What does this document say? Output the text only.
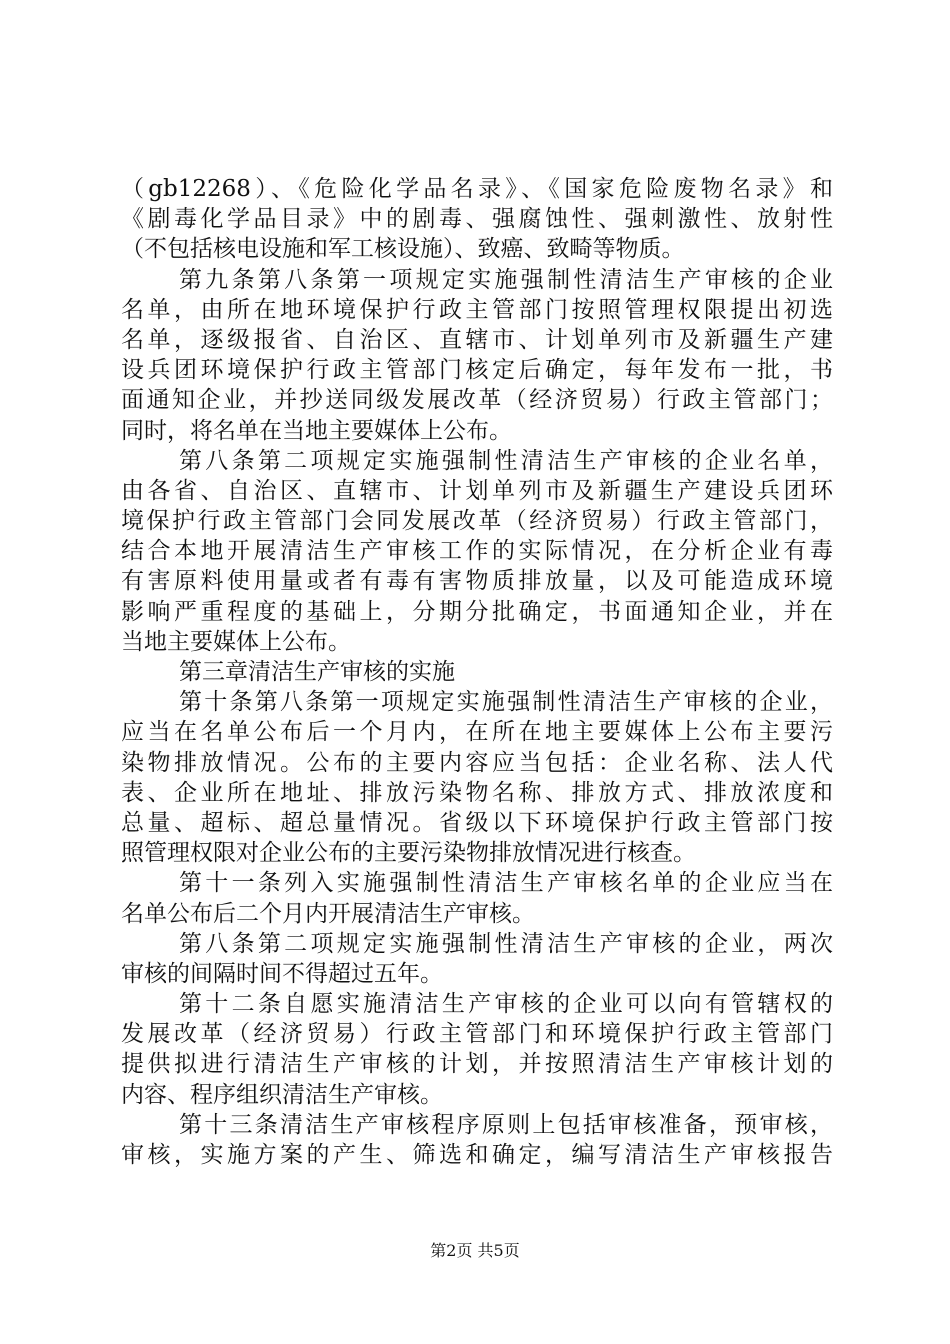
（gb12268）、《危险化学品名录》、《国家危险废物名录》和
《剧毒化学品目录》中的剧毒、强腐蚀性、强刺激性、放射性
（不包括核电设施和军工核设施）、致癌、致畸等物质。
第九条第八条第一项规定实施强制性清洁生产审核的企业
名单，由所在地环境保护行政主管部门按照管理权限提出初选
名单，逐级报省、自治区、直辖市、计划单列市及新疆生产建
设兵团环境保护行政主管部门核定后确定，每年发布一批，书
面通知企业，并抄送同级发展改革（经济贸易）行政主管部门；
同时，将名单在当地主要媒体上公布。
第八条第二项规定实施强制性清洁生产审核的企业名单，
由各省、自治区、直辖市、计划单列市及新疆生产建设兵团环
境保护行政主管部门会同发展改革（经济贸易）行政主管部门，
结合本地开展清洁生产审核工作的实际情况，在分析企业有毒
有害原料使用量或者有毒有害物质排放量，以及可能造成环境
影响严重程度的基础上，分期分批确定，书面通知企业，并在
当地主要媒体上公布。
第三章清洁生产审核的实施
第十条第八条第一项规定实施强制性清洁生产审核的企业，
应当在名单公布后一个月内，在所在地主要媒体上公布主要污
染物排放情况。公布的主要内容应当包括：企业名称、法人代
表、企业所在地址、排放污染物名称、排放方式、排放浓度和
总量、超标、超总量情况。省级以下环境保护行政主管部门按
照管理权限对企业公布的主要污染物排放情况进行核查。
第十一条列入实施强制性清洁生产审核名单的企业应当在
名单公布后二个月内开展清洁生产审核。
第八条第二项规定实施强制性清洁生产审核的企业，两次
审核的间隔时间不得超过五年。
第十二条自愿实施清洁生产审核的企业可以向有管辖权的
发展改革（经济贸易）行政主管部门和环境保护行政主管部门
提供拟进行清洁生产审核的计划，并按照清洁生产审核计划的
内容、程序组织清洁生产审核。
第十三条清洁生产审核程序原则上包括审核准备，预审核，
审核，实施方案的产生、筛选和确定，编写清洁生产审核报告
第2页 共5页
